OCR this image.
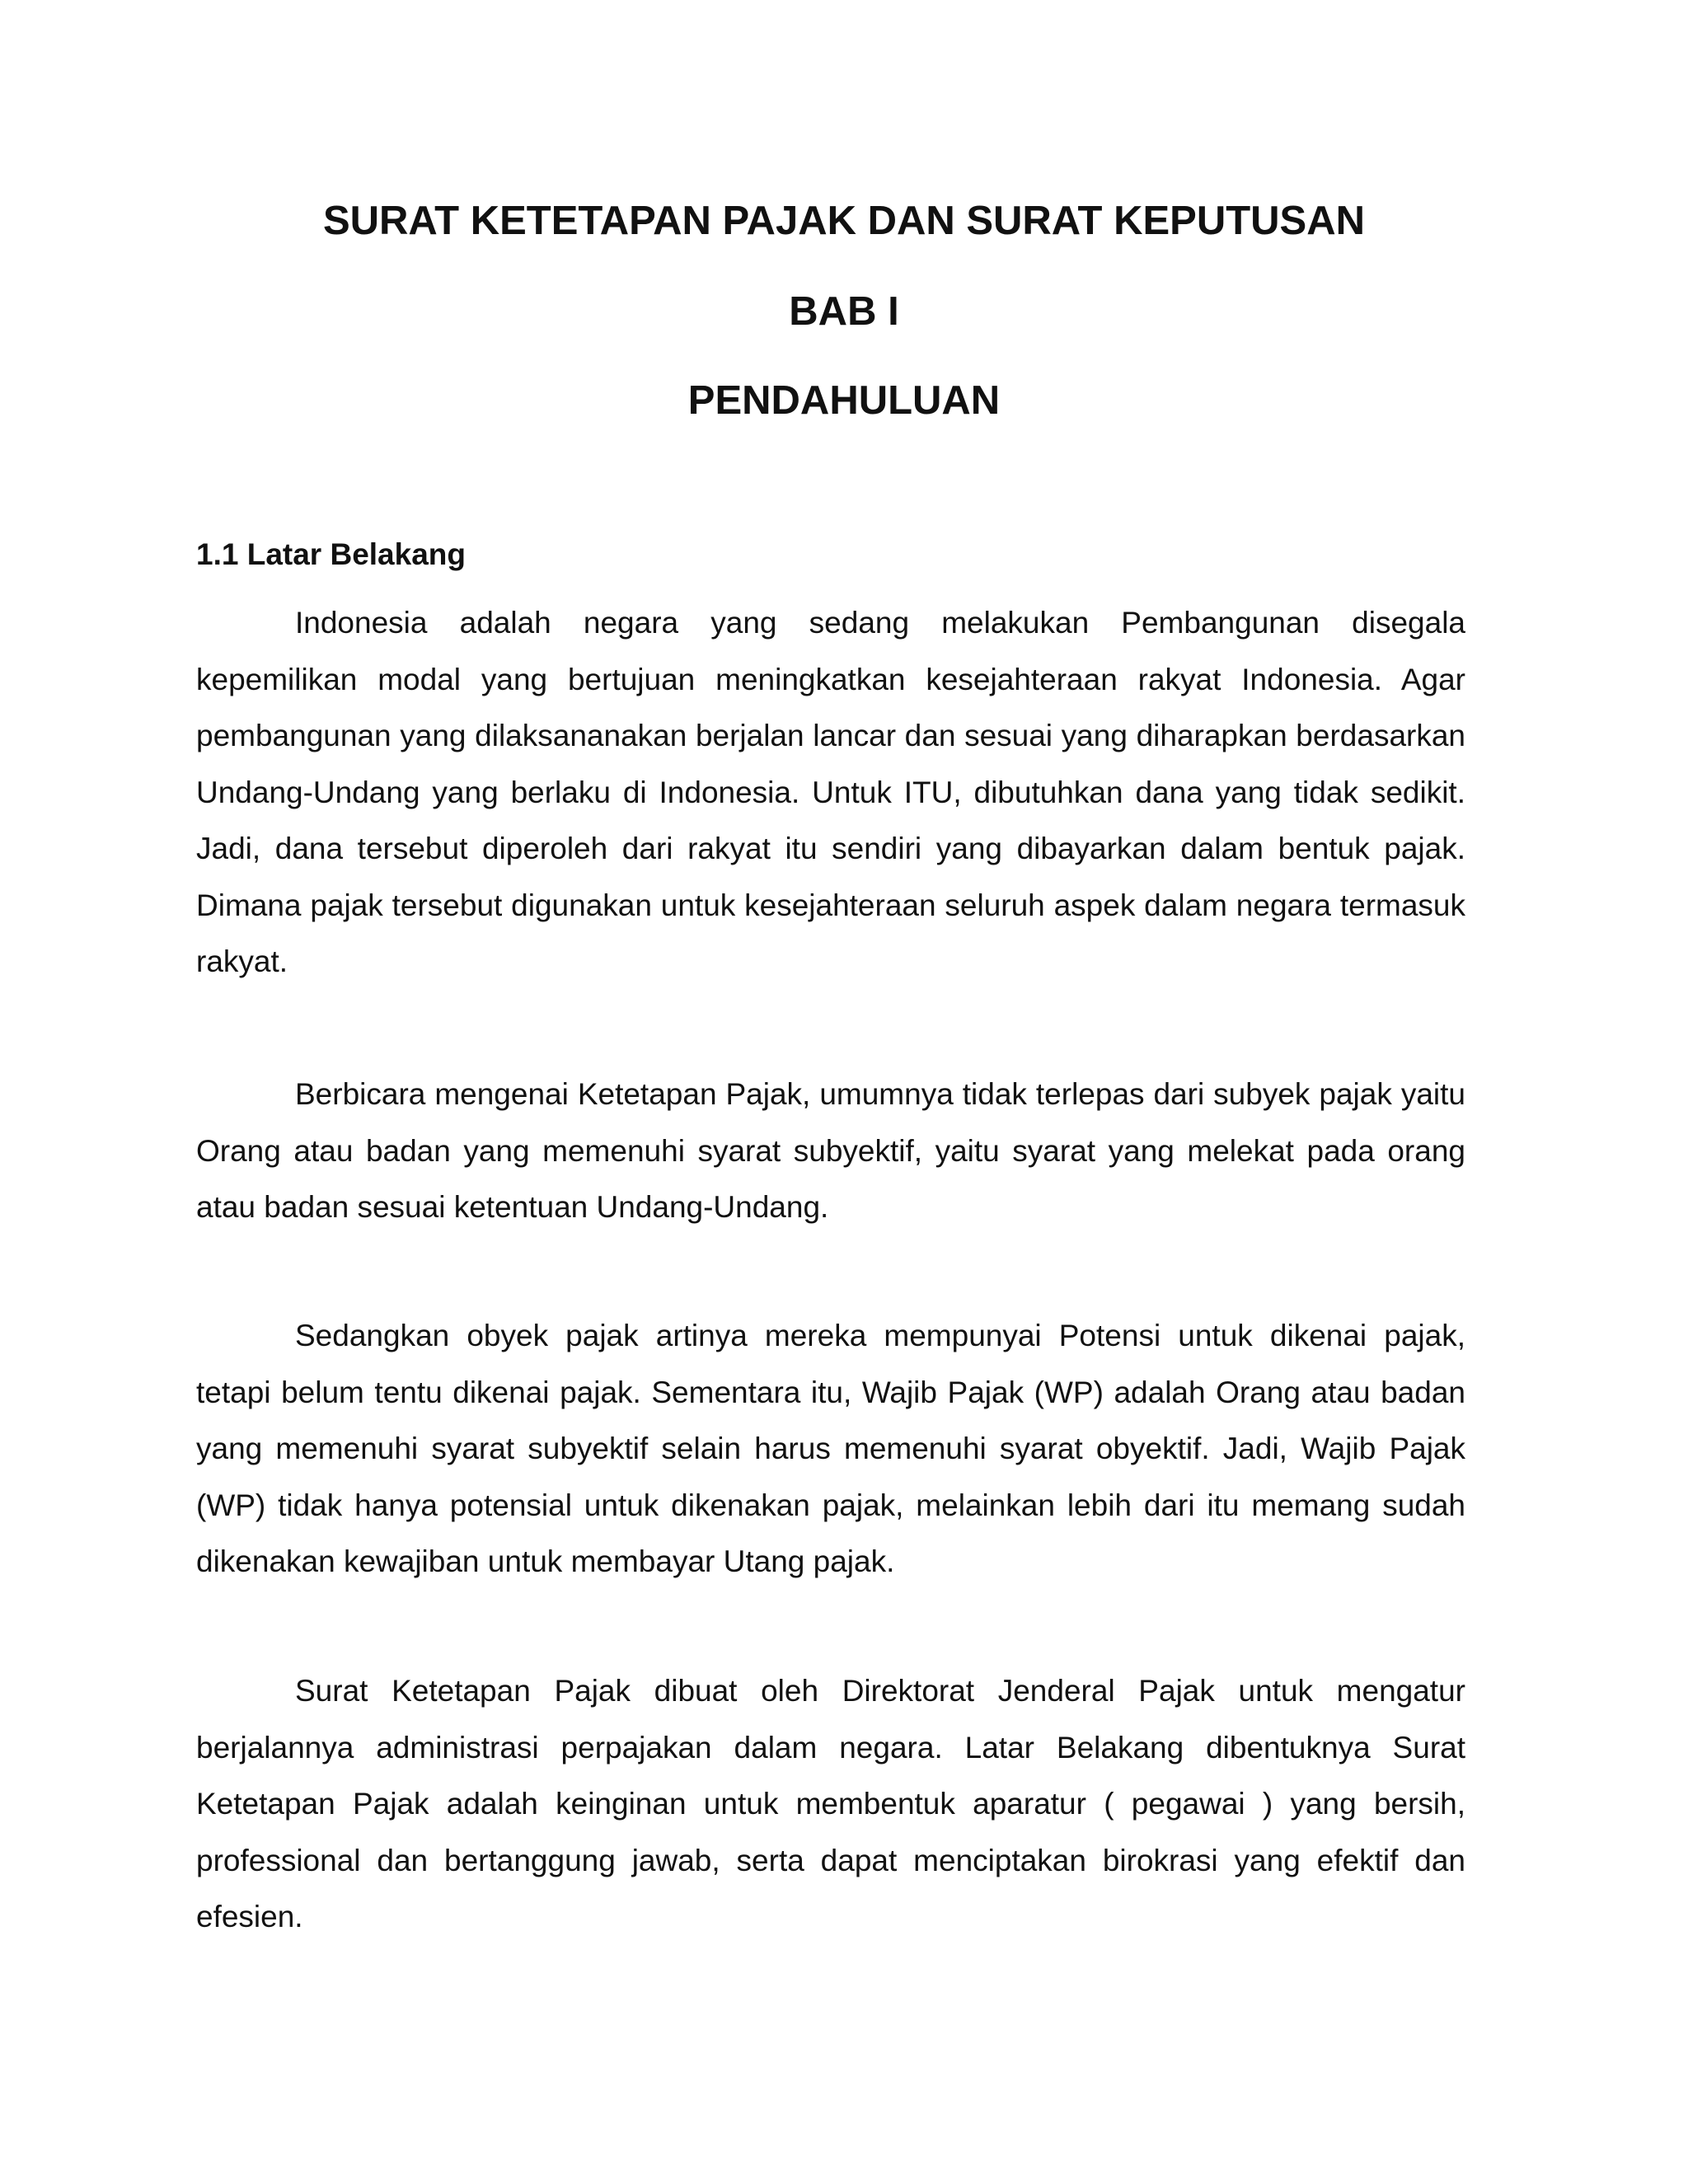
SURAT KETETAPAN PAJAK DAN SURAT KEPUTUSAN
BAB I
PENDAHULUAN
1.1 Latar Belakang

Indonesia adalah negara yang sedang melakukan Pembangunan disegala kepemilikan modal yang bertujuan meningkatkan kesejahteraan rakyat Indonesia. Agar pembangunan yang dilaksananakan berjalan lancar dan sesuai yang diharapkan berdasarkan Undang-Undang yang berlaku di Indonesia. Untuk ITU, dibutuhkan dana yang tidak sedikit. Jadi, dana tersebut diperoleh dari rakyat itu sendiri yang dibayarkan dalam bentuk pajak. Dimana pajak tersebut digunakan untuk kesejahteraan seluruh aspek dalam negara termasuk rakyat.

Berbicara mengenai Ketetapan Pajak, umumnya tidak terlepas dari subyek pajak yaitu Orang atau badan yang memenuhi syarat subyektif, yaitu syarat yang melekat pada orang atau badan sesuai ketentuan Undang-Undang.

Sedangkan obyek pajak artinya mereka mempunyai Potensi untuk dikenai pajak, tetapi belum tentu dikenai pajak. Sementara itu, Wajib Pajak (WP) adalah Orang atau badan yang memenuhi syarat subyektif selain harus memenuhi syarat obyektif. Jadi, Wajib Pajak (WP) tidak hanya potensial untuk dikenakan pajak, melainkan lebih dari itu memang sudah dikenakan kewajiban untuk membayar Utang pajak.

Surat Ketetapan Pajak dibuat oleh Direktorat Jenderal Pajak untuk mengatur berjalannya administrasi perpajakan dalam negara. Latar Belakang dibentuknya Surat Ketetapan Pajak adalah keinginan untuk membentuk aparatur ( pegawai ) yang bersih, professional dan bertanggung jawab, serta dapat menciptakan birokrasi yang efektif dan efesien.
